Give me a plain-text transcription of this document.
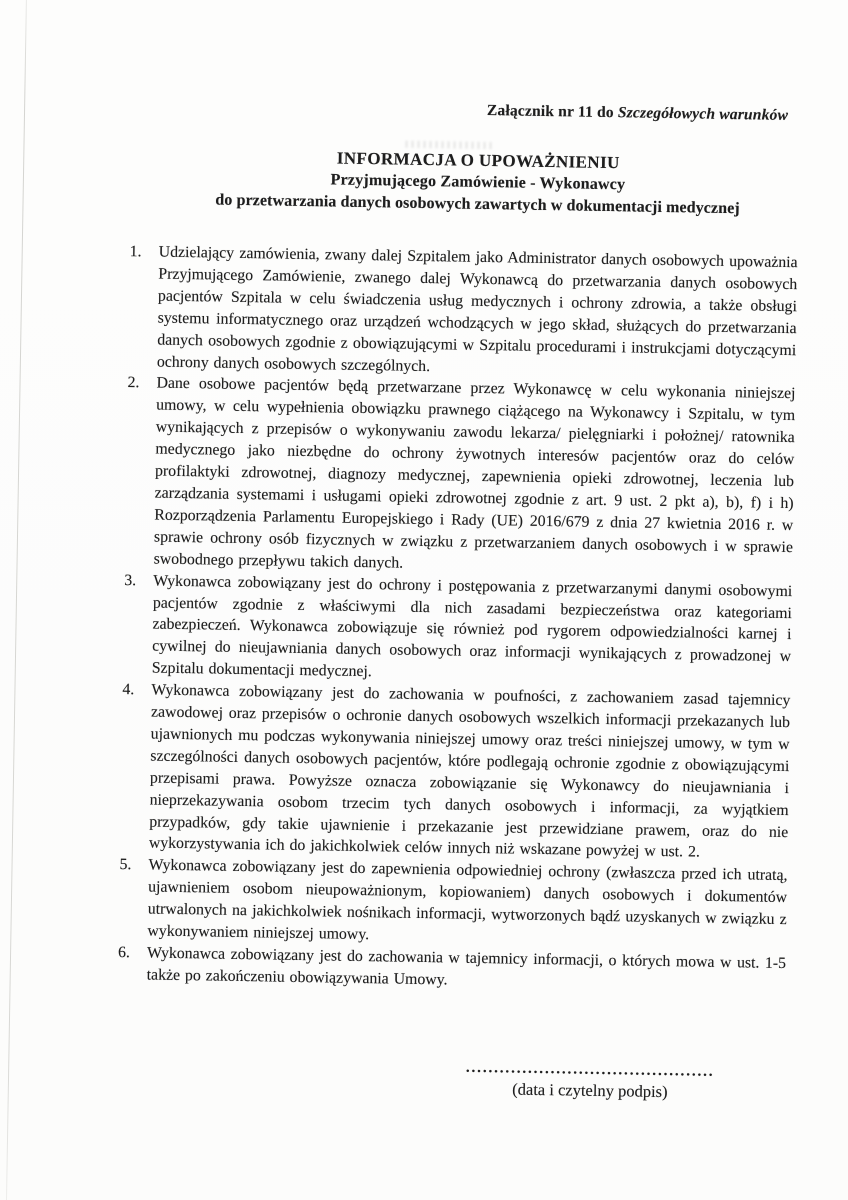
Załącznik nr 11 do Szczegółowych warunków
INFORMACJA O UPOWAŻNIENIU
Przyjmującego Zamówienie - Wykonawcy
do przetwarzania danych osobowych zawartych w dokumentacji medycznej
1.	Udzielający zamówienia, zwany dalej Szpitalem jako Administrator danych osobowych upoważnia Przyjmującego Zamówienie, zwanego dalej Wykonawcą do przetwarzania danych osobowych pacjentów Szpitala w celu świadczenia usług medycznych i ochrony zdrowia, a także obsługi systemu informatycznego oraz urządzeń wchodzących w jego skład, służących do przetwarzania danych osobowych zgodnie z obowiązującymi w Szpitalu procedurami i instrukcjami dotyczącymi ochrony danych osobowych szczególnych.
2.	Dane osobowe pacjentów będą przetwarzane przez Wykonawcę w celu wykonania niniejszej umowy, w celu wypełnienia obowiązku prawnego ciążącego na Wykonawcy i Szpitalu, w tym wynikających z przepisów o wykonywaniu zawodu lekarza/ pielęgniarki i położnej/ ratownika medycznego jako niezbędne do ochrony żywotnych interesów pacjentów oraz do celów profilaktyki zdrowotnej, diagnozy medycznej, zapewnienia opieki zdrowotnej, leczenia lub zarządzania systemami i usługami opieki zdrowotnej zgodnie z art. 9 ust. 2 pkt a), b), f) i h) Rozporządzenia Parlamentu Europejskiego i Rady (UE) 2016/679 z dnia 27 kwietnia 2016 r. w sprawie ochrony osób fizycznych w związku z przetwarzaniem danych osobowych i w sprawie swobodnego przepływu takich danych.
3.	Wykonawca zobowiązany jest do ochrony i postępowania z przetwarzanymi danymi osobowymi pacjentów zgodnie z właściwymi dla nich zasadami bezpieczeństwa oraz kategoriami zabezpieczeń. Wykonawca zobowiązuje się również pod rygorem odpowiedzialności karnej i cywilnej do nieujawniania danych osobowych oraz informacji wynikających z prowadzonej w Szpitalu dokumentacji medycznej.
4.	Wykonawca zobowiązany jest do zachowania w poufności, z zachowaniem zasad tajemnicy zawodowej oraz przepisów o ochronie danych osobowych wszelkich informacji przekazanych lub ujawnionych mu podczas wykonywania niniejszej umowy oraz treści niniejszej umowy, w tym w szczególności danych osobowych pacjentów, które podlegają ochronie zgodnie z obowiązującymi przepisami prawa. Powyższe oznacza zobowiązanie się Wykonawcy do nieujawniania i nieprzekazywania osobom trzecim tych danych osobowych i informacji, za wyjątkiem przypadków, gdy takie ujawnienie i przekazanie jest przewidziane prawem, oraz do nie wykorzystywania ich do jakichkolwiek celów innych niż wskazane powyżej w ust. 2.
5.	Wykonawca zobowiązany jest do zapewnienia odpowiedniej ochrony (zwłaszcza przed ich utratą, ujawnieniem osobom nieupoważnionym, kopiowaniem) danych osobowych i dokumentów utrwalonych na jakichkolwiek nośnikach informacji, wytworzonych bądź uzyskanych w związku z wykonywaniem niniejszej umowy.
6.	Wykonawca zobowiązany jest do zachowania w tajemnicy informacji, o których mowa w ust. 1-5 także po zakończeniu obowiązywania Umowy.
............................................
(data i czytelny podpis)
